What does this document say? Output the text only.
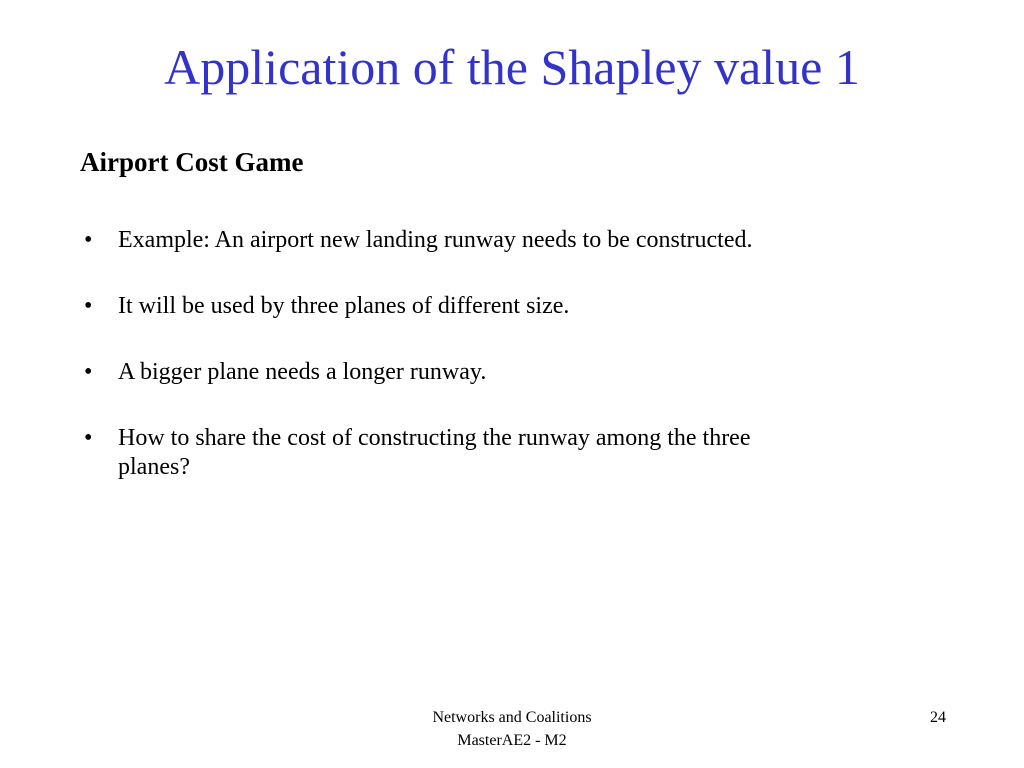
Application of the Shapley value 1
Airport Cost Game
•
Example: An airport new landing runway needs to be constructed.
•
It will be used by three planes of different size.
•
A bigger plane needs a longer runway.
•
How to share the cost of constructing the runway among the three planes?
Networks and Coalitions
MasterAE2 - M2
24
